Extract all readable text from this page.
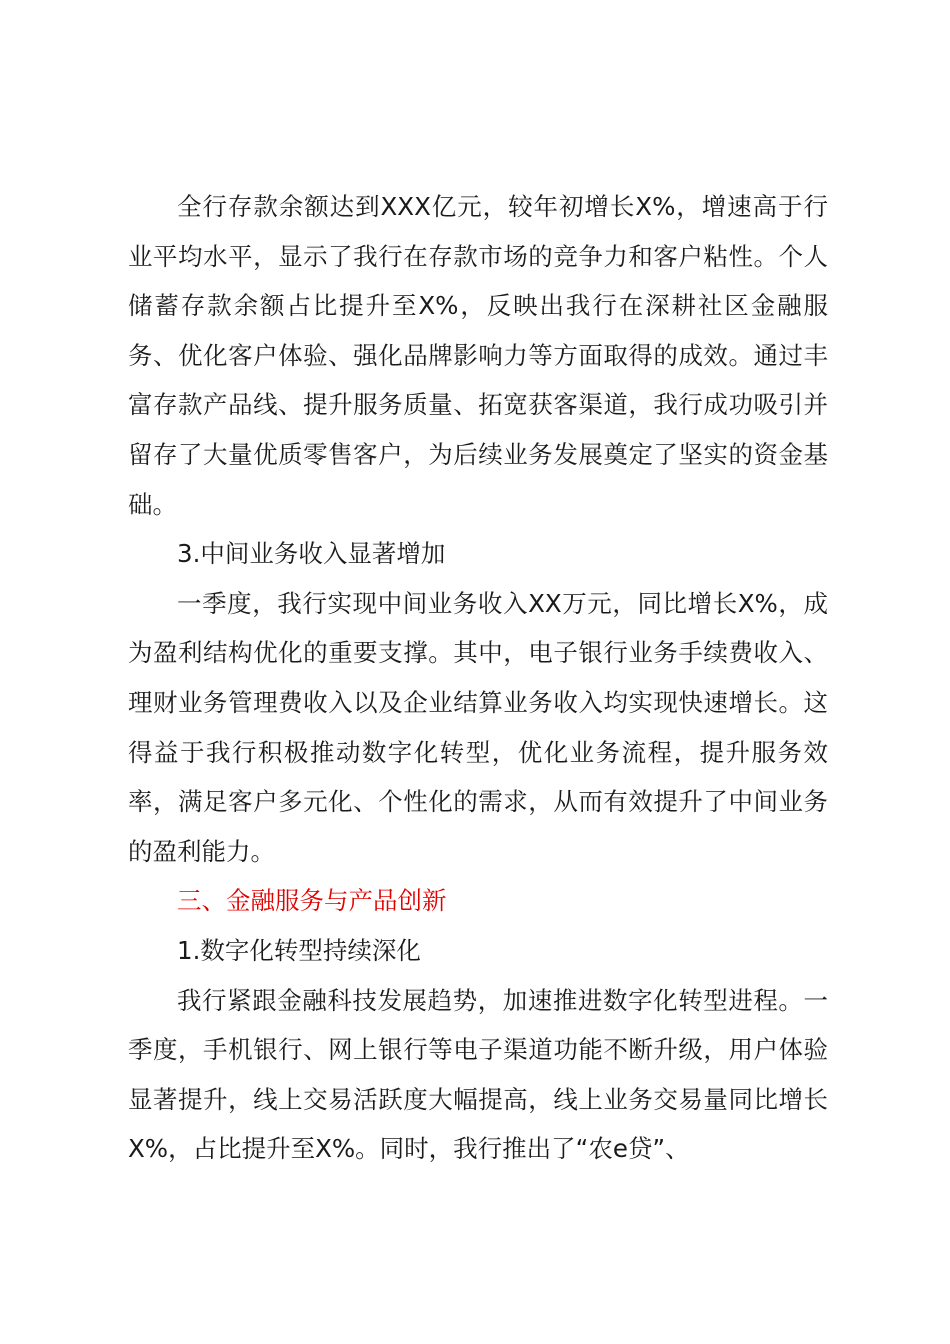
全行存款余额达到XXX亿元，较年初增长X%，增速高于行业平均水平，显示了我行在存款市场的竞争力和客户粘性。个人储蓄存款余额占比提升至X%，反映出我行在深耕社区金融服务、优化客户体验、强化品牌影响力等方面取得的成效。通过丰富存款产品线、提升服务质量、拓宽获客渠道，我行成功吸引并留存了大量优质零售客户，为后续业务发展奠定了坚实的资金基础。

3.中间业务收入显著增加

一季度，我行实现中间业务收入XX万元，同比增长X%，成为盈利结构优化的重要支撑。其中，电子银行业务手续费收入、理财业务管理费收入以及企业结算业务收入均实现快速增长。这得益于我行积极推动数字化转型，优化业务流程，提升服务效率，满足客户多元化、个性化的需求，从而有效提升了中间业务的盈利能力。

三、金融服务与产品创新

1.数字化转型持续深化

我行紧跟金融科技发展趋势，加速推进数字化转型进程。一季度，手机银行、网上银行等电子渠道功能不断升级，用户体验显著提升，线上交易活跃度大幅提高，线上业务交易量同比增长X%，占比提升至X%。同时，我行推出了“农e贷”、
